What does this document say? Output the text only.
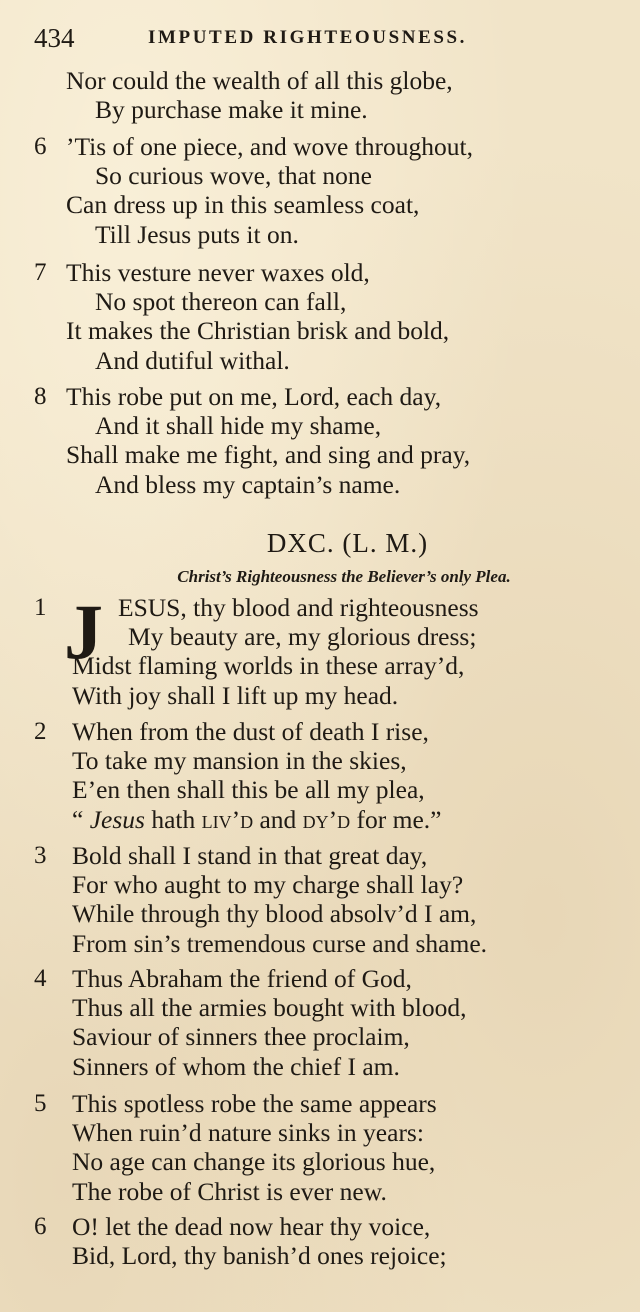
434	IMPUTED RIGHTEOUSNESS.
Nor could the wealth of all this globe,
By purchase make it mine.
6 ’Tis of one piece, and wove throughout,
So curious wove, that none
Can dress up in this seamless coat,
Till Jesus puts it on.
7 This vesture never waxes old,
No spot thereon can fall,
It makes the Christian brisk and bold,
And dutiful withal.
8 This robe put on me, Lord, each day,
And it shall hide my shame,
Shall make me fight, and sing and pray,
And bless my captain’s name.
DXC. (L. M.)
Christ’s Righteousness the Believer’s only Plea.
J
1	ESUS, thy blood and righteousness
My beauty are, my glorious dress;
Midst flaming worlds in these array’d,
With joy shall I lift up my head.
2 When from the dust of death I rise,
To take my mansion in the skies,
E’en then shall this be all my plea,
“ Jesus hath liv’d and dy’d for me.”
3 Bold shall I stand in that great day,
For who aught to my charge shall lay?
While through thy blood absolv’d I am,
From sin’s tremendous curse and shame.
4 Thus Abraham the friend of God,
Thus all the armies bought with blood,
Saviour of sinners thee proclaim,
Sinners of whom the chief I am.
5 This spotless robe the same appears
When ruin’d nature sinks in years:
No age can change its glorious hue,
The robe of Christ is ever new.
6 O! let the dead now hear thy voice,
Bid, Lord, thy banish’d ones rejoice;
